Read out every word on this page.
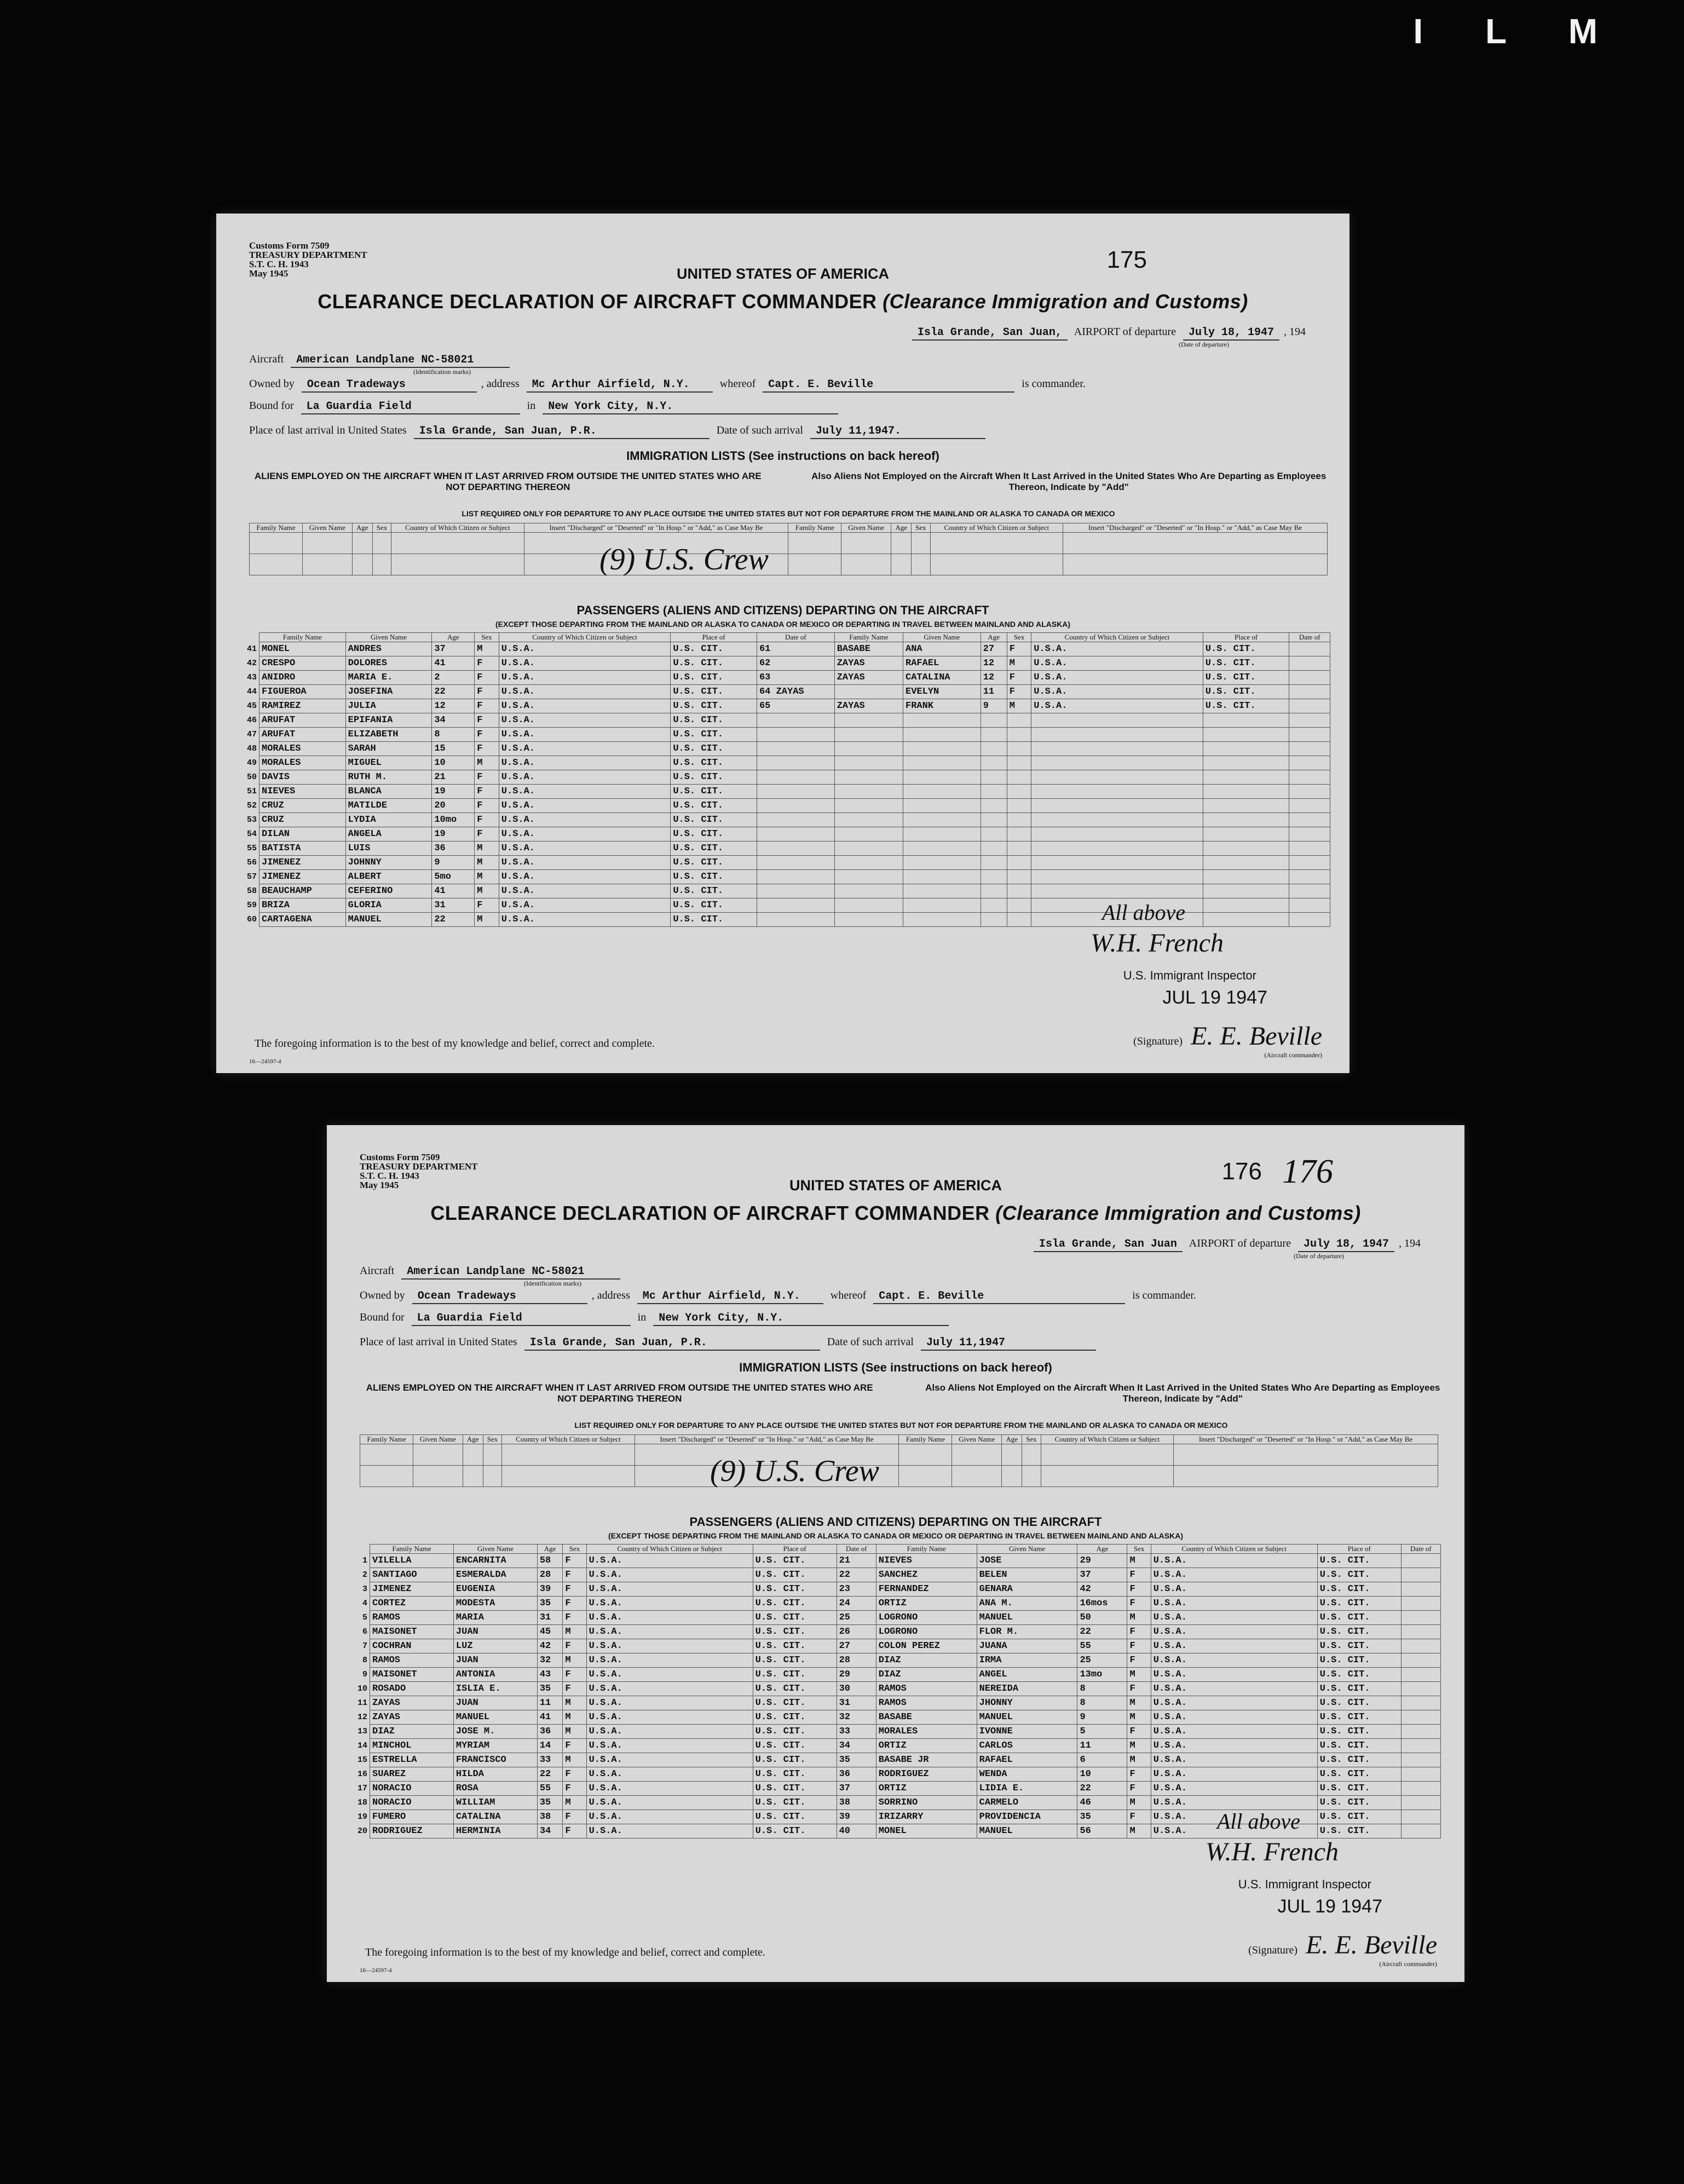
I L M
Customs Form 7509
TREASURY DEPARTMENT
S.T. C. H. 1943
May 1945	UNITED STATES OF AMERICA
175
CLEARANCE DECLARATION OF AIRCRAFT COMMANDER (Clearance Immigration and Customs)
Isla Grande, San Juan, AIRPORT of departure July 18, 1947 , 194
(Date of departure)
Aircraft American Landplane NC-58021
(Identification marks)
Owned by Ocean Tradeways	, address Mc Arthur Airfield, N.Y.	whereof Capt. E. Beville	is commander.
Bound for La Guardia Field	in New York City, N.Y.
Place of last arrival in United States Isla Grande, San Juan, P.R.	Date of such arrival July 11,1947.
IMMIGRATION LISTS (See instructions on back hereof)
ALIENS EMPLOYED ON THE AIRCRAFT WHEN IT LAST ARRIVED FROM OUTSIDE THE UNITED STATES WHO ARE NOT DEPARTING THEREON
Also Aliens Not Employed on the Aircraft When It Last Arrived in the United States Who Are Departing as Employees Thereon, Indicate by "Add"
LIST REQUIRED ONLY FOR DEPARTURE TO ANY PLACE OUTSIDE THE UNITED STATES BUT NOT FOR DEPARTURE FROM THE MAINLAND OR ALASKA TO CANADA OR MEXICO
Family Name	Given Name	Age	Sex	Country of Which Citizen or Subject	Insert "Discharged" or "Deserted" or "In Hosp." or "Add," as Case May Be	Family Name	Given Name	Age	Sex	Country of Which Citizen or Subject	Insert "Discharged" or "Deserted" or "In Hosp." or "Add," as Case May Be

(9) U.S. Crew
PASSENGERS (ALIENS AND CITIZENS) DEPARTING ON THE AIRCRAFT
(EXCEPT THOSE DEPARTING FROM THE MAINLAND OR ALASKA TO CANADA OR MEXICO OR DEPARTING IN TRAVEL BETWEEN MAINLAND AND ALASKA)
	Family Name	Given Name	Age	Sex	Country of Which Citizen or Subject	Place of	Date of	Family Name	Given Name	Age	Sex	Country of Which Citizen or Subject	Place of	Date of
41	MONEL	ANDRES	37	M	U.S.A.	U.S. CIT.	61	BASABE	ANA	27	F	U.S.A.	U.S. CIT.	
42	CRESPO	DOLORES	41	F	U.S.A.	U.S. CIT.	62	ZAYAS	RAFAEL	12	M	U.S.A.	U.S. CIT.	
43	ANIDRO	MARIA E.	2	F	U.S.A.	U.S. CIT.	63	ZAYAS	CATALINA	12	F	U.S.A.	U.S. CIT.	
44	FIGUEROA	JOSEFINA	22	F	U.S.A.	U.S. CIT.	64 ZAYAS		EVELYN	11	F	U.S.A.	U.S. CIT.	
45	RAMIREZ	JULIA	12	F	U.S.A.	U.S. CIT.	65	ZAYAS	FRANK	9	M	U.S.A.	U.S. CIT.	
46	ARUFAT	EPIFANIA	34	F	U.S.A.	U.S. CIT.								
47	ARUFAT	ELIZABETH	8	F	U.S.A.	U.S. CIT.								
48	MORALES	SARAH	15	F	U.S.A.	U.S. CIT.								
49	MORALES	MIGUEL	10	M	U.S.A.	U.S. CIT.								
50	DAVIS	RUTH M.	21	F	U.S.A.	U.S. CIT.								
51	NIEVES	BLANCA	19	F	U.S.A.	U.S. CIT.								
52	CRUZ	MATILDE	20	F	U.S.A.	U.S. CIT.								
53	CRUZ	LYDIA	10mo	F	U.S.A.	U.S. CIT.								
54	DILAN	ANGELA	19	F	U.S.A.	U.S. CIT.								
55	BATISTA	LUIS	36	M	U.S.A.	U.S. CIT.								
56	JIMENEZ	JOHNNY	9	M	U.S.A.	U.S. CIT.								
57	JIMENEZ	ALBERT	5mo	M	U.S.A.	U.S. CIT.								
58	BEAUCHAMP	CEFERINO	41	M	U.S.A.	U.S. CIT.								
59	BRIZA	GLORIA	31	F	U.S.A.	U.S. CIT.								
60	CARTAGENA	MANUEL	22	M	U.S.A.	U.S. CIT.									All above
W.H. French
U.S. Immigrant Inspector
JUL 19 1947
The foregoing information is to the best of my knowledge and belief, correct and complete.	(Signature) E. E. Beville
(Aircraft commander)
16—24597-4
Customs Form 7509
TREASURY DEPARTMENT
S.T. C. H. 1943
May 1945	UNITED STATES OF AMERICA
176 176
CLEARANCE DECLARATION OF AIRCRAFT COMMANDER (Clearance Immigration and Customs)
Isla Grande, San Juan AIRPORT of departure July 18, 1947 , 194
(Date of departure)
Aircraft American Landplane NC-58021
(Identification marks)
Owned by Ocean Tradeways	, address Mc Arthur Airfield, N.Y.	whereof Capt. E. Beville	is commander.
Bound for La Guardia Field	in New York City, N.Y.
Place of last arrival in United States Isla Grande, San Juan, P.R.	Date of such arrival July 11,1947
IMMIGRATION LISTS (See instructions on back hereof)
ALIENS EMPLOYED ON THE AIRCRAFT WHEN IT LAST ARRIVED FROM OUTSIDE THE UNITED STATES WHO ARE NOT DEPARTING THEREON
Also Aliens Not Employed on the Aircraft When It Last Arrived in the United States Who Are Departing as Employees Thereon, Indicate by "Add"
LIST REQUIRED ONLY FOR DEPARTURE TO ANY PLACE OUTSIDE THE UNITED STATES BUT NOT FOR DEPARTURE FROM THE MAINLAND OR ALASKA TO CANADA OR MEXICO
Family Name	Given Name	Age	Sex	Country of Which Citizen or Subject	Insert "Discharged" or "Deserted" or "In Hosp." or "Add," as Case May Be	Family Name	Given Name	Age	Sex	Country of Which Citizen or Subject	Insert "Discharged" or "Deserted" or "In Hosp." or "Add," as Case May Be

(9) U.S. Crew
PASSENGERS (ALIENS AND CITIZENS) DEPARTING ON THE AIRCRAFT
(EXCEPT THOSE DEPARTING FROM THE MAINLAND OR ALASKA TO CANADA OR MEXICO OR DEPARTING IN TRAVEL BETWEEN MAINLAND AND ALASKA)
	Family Name	Given Name	Age	Sex	Country of Which Citizen or Subject	Place of	Date of	Family Name	Given Name	Age	Sex	Country of Which Citizen or Subject	Place of	Date of
1	VILELLA	ENCARNITA	58	F	U.S.A.	U.S. CIT.	21	NIEVES	JOSE	29	M	U.S.A.	U.S. CIT.	
2	SANTIAGO	ESMERALDA	28	F	U.S.A.	U.S. CIT.	22	SANCHEZ	BELEN	37	F	U.S.A.	U.S. CIT.	
3	JIMENEZ	EUGENIA	39	F	U.S.A.	U.S. CIT.	23	FERNANDEZ	GENARA	42	F	U.S.A.	U.S. CIT.	
4	CORTEZ	MODESTA	35	F	U.S.A.	U.S. CIT.	24	ORTIZ	ANA M.	16mos	F	U.S.A.	U.S. CIT.	
5	RAMOS	MARIA	31	F	U.S.A.	U.S. CIT.	25	LOGRONO	MANUEL	50	M	U.S.A.	U.S. CIT.	
6	MAISONET	JUAN	45	M	U.S.A.	U.S. CIT.	26	LOGRONO	FLOR M.	22	F	U.S.A.	U.S. CIT.	
7	COCHRAN	LUZ	42	F	U.S.A.	U.S. CIT.	27	COLON PEREZ	JUANA	55	F	U.S.A.	U.S. CIT.	
8	RAMOS	JUAN	32	M	U.S.A.	U.S. CIT.	28	DIAZ	IRMA	25	F	U.S.A.	U.S. CIT.	
9	MAISONET	ANTONIA	43	F	U.S.A.	U.S. CIT.	29	DIAZ	ANGEL	13mo	M	U.S.A.	U.S. CIT.	
10	ROSADO	ISLIA E.	35	F	U.S.A.	U.S. CIT.	30	RAMOS	NEREIDA	8	F	U.S.A.	U.S. CIT.	
11	ZAYAS	JUAN	11	M	U.S.A.	U.S. CIT.	31	RAMOS	JHONNY	8	M	U.S.A.	U.S. CIT.	
12	ZAYAS	MANUEL	41	M	U.S.A.	U.S. CIT.	32	BASABE	MANUEL	9	M	U.S.A.	U.S. CIT.	
13	DIAZ	JOSE M.	36	M	U.S.A.	U.S. CIT.	33	MORALES	IVONNE	5	F	U.S.A.	U.S. CIT.	
14	MINCHOL	MYRIAM	14	F	U.S.A.	U.S. CIT.	34	ORTIZ	CARLOS	11	M	U.S.A.	U.S. CIT.	
15	ESTRELLA	FRANCISCO	33	M	U.S.A.	U.S. CIT.	35	BASABE JR	RAFAEL	6	M	U.S.A.	U.S. CIT.	
16	SUAREZ	HILDA	22	F	U.S.A.	U.S. CIT.	36	RODRIGUEZ	WENDA	10	F	U.S.A.	U.S. CIT.	
17	NORACIO	ROSA	55	F	U.S.A.	U.S. CIT.	37	ORTIZ	LIDIA E.	22	F	U.S.A.	U.S. CIT.	
18	NORACIO	WILLIAM	35	M	U.S.A.	U.S. CIT.	38	SORRINO	CARMELO	46	M	U.S.A.	U.S. CIT.	
19	FUMERO	CATALINA	38	F	U.S.A.	U.S. CIT.	39	IRIZARRY	PROVIDENCIA	35	F	U.S.A.	U.S. CIT.	
20	RODRIGUEZ	HERMINIA	34	F	U.S.A.	U.S. CIT.	40	MONEL	MANUEL	56	M	U.S.A.	U.S. CIT.	
All above
W.H. French
U.S. Immigrant Inspector
JUL 19 1947
The foregoing information is to the best of my knowledge and belief, correct and complete.	(Signature) E. E. Beville
(Aircraft commander)
16—24597-4
